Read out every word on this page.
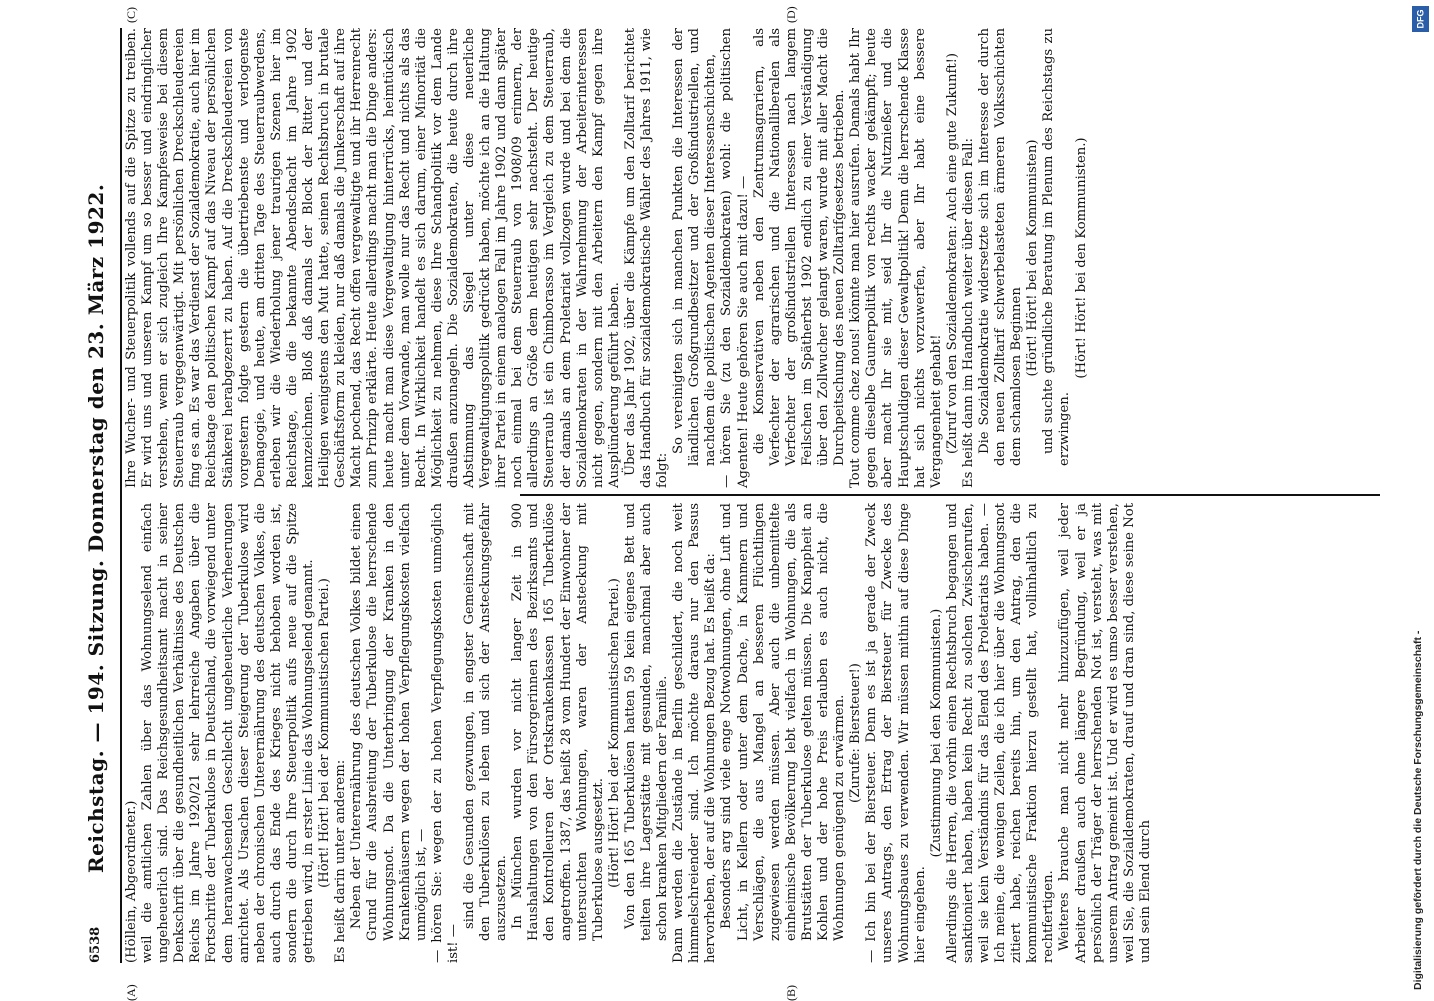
6538
Reichstag. — 194. Sitzung. Donnerstag den 23. März 1922.
(A)	(B)
(C)	(D)

(Höllein, Abgeordneter.) weil die amtlichen Zahlen über das Wohnungselend einfach ungeheuerlich sind. Das Reichsgesundheitsamt macht in seiner Denkschrift über die gesundheitlichen Verhältnisse des Deutschen Reichs im Jahre 1920/21 sehr lehrreiche Angaben über die Fortschritte der Tuberkulose in Deutschland, die vorwiegend unter dem heranwachsenden Geschlecht ungeheuerliche Verheerungen anrichtet. Als Ursachen dieser Steigerung der Tuberkulose wird neben der chronischen Unterernährung des deutschen Volkes, die auch durch das Ende des Krieges nicht behoben worden ist, sondern die durch Ihre Steuerpolitik aufs neue auf die Spitze getrieben wird, in erster Linie das Wohnungselend genannt. (Hört! Hört! bei der Kommunistischen Partei.) Es heißt darin unter anderem: Neben der Unterernährung des deutschen Volkes bildet einen Grund für die Ausbreitung der Tuberkulose die herrschende Wohnungsnot. Da die Unterbringung der Kranken in den Krankenhäusern wegen der hohen Verpflegungskosten vielfach unmöglich ist, — — hören Sie: wegen der zu hohen Verpflegungskosten unmöglich ist! —

sind die Gesunden gezwungen, in engster Gemeinschaft mit den Tuberkulösen zu leben und sich der Ansteckungsgefahr auszusetzen. In München wurden vor nicht langer Zeit in 900 Haushaltungen von den Fürsorgerinnen des Bezirksamts und den Kontrolleuren der Ortskrankenkassen 165 Tuberkulöse angetroffen. 1387, das heißt 28 vom Hundert der Einwohner der untersuchten Wohnungen, waren der Ansteckung mit Tuberkulose ausgesetzt. (Hört! Hört! bei der Kommunistischen Partei.) Von den 165 Tuberkulösen hatten 59 kein eigenes Bett und teilten ihre Lagerstätte mit gesunden, manchmal aber auch schon kranken Mitgliedern der Familie. Dann werden die Zustände in Berlin geschildert, die noch weit himmelschreiender sind. Ich möchte daraus nur den Passus hervorheben, der auf die Wohnungen Bezug hat. Es heißt da: Besonders arg sind viele enge Notwohnungen, ohne Luft und Licht, in Kellern oder unter dem Dache, in Kammern und Verschlägen, die aus Mangel an besseren Flüchtlingen zugewiesen werden müssen. Aber auch die unbemittelte einheimische Bevölkerung lebt vielfach in Wohnungen, die als Brutstätten der Tuberkulose gelten müssen. Die Knappheit an Kohlen und der hohe Preis erlauben es auch nicht, die Wohnungen genügend zu erwärmen. (Zurufe: Biersteuer!) — Ich bin bei der Biersteuer. Denn es ist ja gerade der Zweck unseres Antrags, den Ertrag der Biersteuer für Zwecke des Wohnungsbaues zu verwenden. Wir müssen mithin auf diese Dinge hier eingehen.

(Zustimmung bei den Kommunisten.) Allerdings die Herren, die vorhin einen Rechtsbruch begangen und sanktioniert haben, haben kein Recht zu solchen Zwischenrufen, weil sie kein Verständnis für das Elend des Proletariats haben. — Ich meine, die wenigen Zeilen, die ich hier über die Wohnungsnot zitiert habe, reichen bereits hin, um den Antrag, den die kommunistische Fraktion hierzu gestellt hat, vollinhaltlich zu rechtfertigen. Weiteres brauche man nicht mehr hinzuzufügen, weil jeder Arbeiter draußen auch ohne längere Begründung, weil er ja persönlich der Träger der herrschenden Not ist, versteht, was mit unserem Antrag gemeint ist. Und er wird es umso besser verstehen, weil Sie, die Sozialdemokraten, drauf und dran sind, diese seine Not und sein Elend durch

Ihre Wucher- und Steuerpolitik vollends auf die Spitze zu treiben. Er wird uns und unseren Kampf um so besser und eindringlicher verstehen, wenn er sich zugleich Ihre Kampfesweise bei diesem Steuerraub vergegenwärtigt. Mit persönlichen Dreckschleudereien fing es an. Es war das Verdienst der Sozialdemokratie, auch hier im Reichstage den politischen Kampf auf das Niveau der persönlichen Stänkerei herabgezerrt zu haben. Auf die Dreckschleudereien von vorgestern folgte gestern die übertriebenste und verlogenste Demagogie, und heute, am dritten Tage des Steuerraubwerdens, erleben wir die Wiederholung jener traurigen Szenen hier im Reichstage, die die bekannte Abendschacht im Jahre 1902 kennzeichnen. Bloß daß damals der Block der Ritter und der Heiligen wenigstens den Mut hatte, seinen Rechtsbruch in brutale Geschäftsform zu kleiden, nur daß damals die Junkerschaft auf ihre Macht pochend, das Recht offen vergewaltigte und ihr Herrenrecht zum Prinzip erklärte. Heute allerdings macht man die Dinge anders: heute macht man diese Vergewaltigung hinterrücks, heimtückisch unter dem Vorwande, man wolle nur das Recht und nichts als das Recht. In Wirklichkeit handelt es sich darum, einer Minorität die Möglichkeit zu nehmen, diese Ihre Schandpolitik vor dem Lande draußen anzunageln. Die Sozialdemokraten, die heute durch ihre Abstimmung das Siegel unter diese neuerliche Vergewaltigungspolitik gedrückt haben, möchte ich an die Haltung ihrer Partei in einem analogen Fall im Jahre 1902 und dann später noch einmal bei dem Steuerraub von 1908/09 erinnern, der allerdings an Größe dem heutigen sehr nachsteht. Der heutige Steuerraub ist ein Chimborasso im Vergleich zu dem Steuerraub, der damals an dem Proletariat vollzogen wurde und bei dem die Sozialdemokraten in der Wahrnehmung der Arbeiterinteressen nicht gegen, sondern mit den Arbeitern den Kampf gegen ihre Ausplünderung geführt haben. Über das Jahr 1902, über die Kämpfe um den Zolltarif berichtet das Handbuch für sozialdemokratische Wähler des Jahres 1911, wie folgt:

So vereinigten sich in manchen Punkten die Interessen der ländlichen Großgrundbesitzer und der Großindustriellen, und nachdem die politischen Agenten dieser Interessenschichten, — hören Sie (zu den Sozialdemokraten) wohl: die politischen Agenten! Heute gehören Sie auch mit dazu! — die Konservativen neben den Zentrumsagrariern, als Verfechter der agrarischen und die Nationalliberalen als Verfechter der großindustriellen Interessen nach langem Feilschen im Spätherbst 1902 endlich zu einer Verständigung über den Zollwucher gelangt waren, wurde mit aller Macht die Durchpeitschung des neuen Zolltarifgesetzes betrieben. Tout comme chez nous! könnte man hier ausrufen. Damals habt Ihr gegen dieselbe Gaunerpolitik von rechts wacker gekämpft; heute aber macht Ihr sie mit, seid Ihr die Nutznießer und die Hauptschuldigen dieser Gewaltpolitik! Denn die herrschende Klasse hat sich nichts vorzuwerfen, aber Ihr habt eine bessere Vergangenheit gehabt! (Zuruf von den Sozialdemokraten: Auch eine gute Zukunft!) Es heißt dann im Handbuch weiter über diesen Fall: Die Sozialdemokratie widersetzte sich im Interesse der durch den neuen Zolltarif schwerbelasteten ärmeren Volksschichten dem schamlosen Beginnen

(Hört! Hört! bei den Kommunisten) und suchte gründliche Beratung im Plenum des Reichstags zu erzwingen.

(Hört! Hört! bei den Kommunisten.)

DFG
Digitalisierung gefördert durch die Deutsche Forschungsgemeinschaft -
